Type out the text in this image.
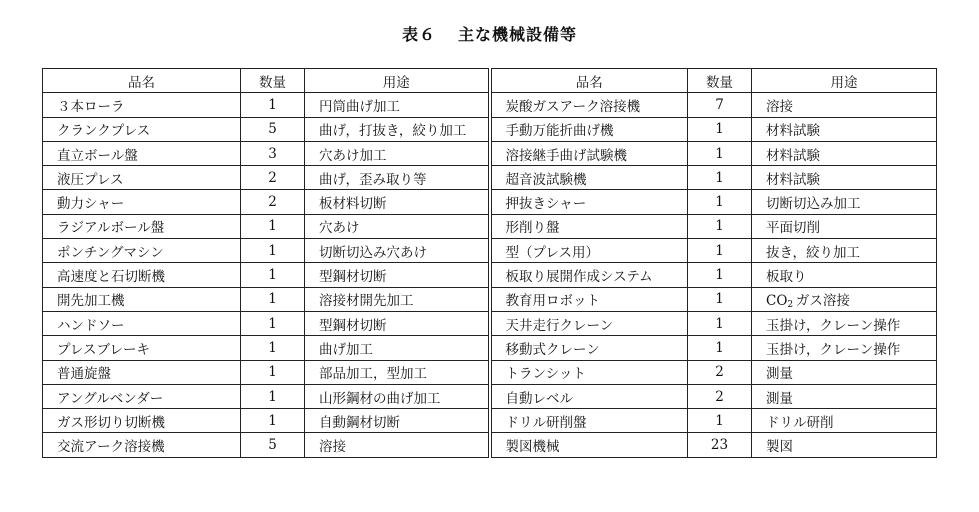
表６ 主な機械設備等
品名	数量	用途	品名	数量	用途
３本ローラ	1	円筒曲げ加工	炭酸ガスアーク溶接機	7	溶接
クランクプレス	5	曲げ，打抜き，絞り加工	手動万能折曲げ機	1	材料試験
直立ボール盤	3	穴あけ加工	溶接継手曲げ試験機	1	材料試験
液圧プレス	2	曲げ，歪み取り等	超音波試験機	1	材料試験
動力シャー	2	板材料切断	押抜きシャー	1	切断切込み加工
ラジアルボール盤	1	穴あけ	形削り盤	1	平面切削
ポンチングマシン	1	切断切込み穴あけ	型（プレス用）	1	抜き，絞り加工
高速度と石切断機	1	型鋼材切断	板取り展開作成システム	1	板取り
開先加工機	1	溶接材開先加工	教育用ロボット	1	$CO_2$  ガス溶接
ハンドソー	1	型鋼材切断	天井走行クレーン	1	玉掛け，クレーン操作
プレスブレーキ	1	曲げ加工	移動式クレーン	1	玉掛け，クレーン操作
普通旋盤	1	部品加工，型加工	トランシット	2	測量
アングルベンダー	1	山形鋼材の曲げ加工	自動レベル	2	測量
ガス形切り切断機	1	自動鋼材切断	ドリル研削盤	1	ドリル研削
交流アーク溶接機	5	溶接	製図機械	23	製図
